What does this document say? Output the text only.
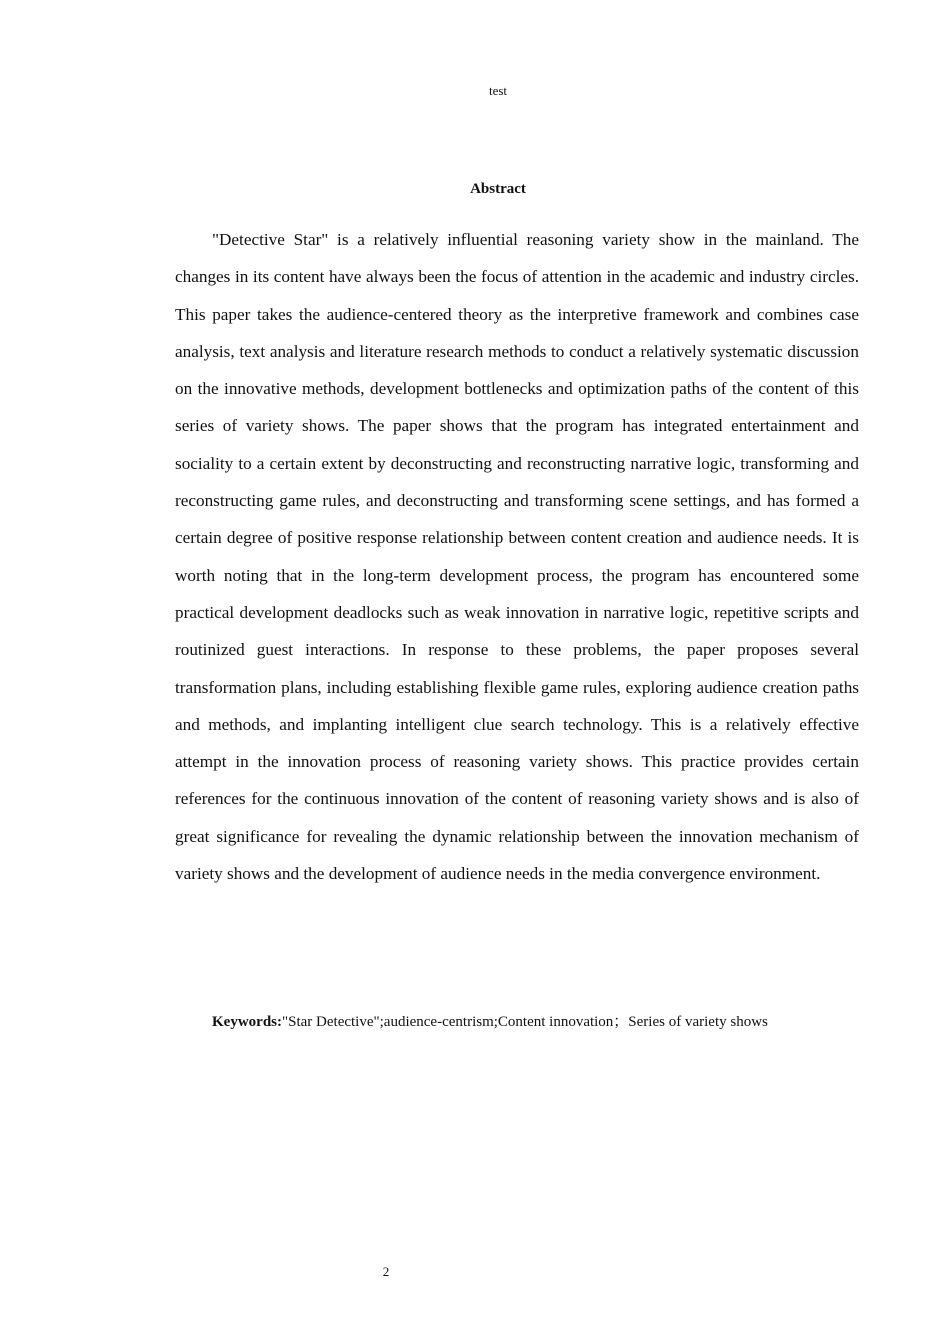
test
Abstract

"Detective Star" is a relatively influential reasoning variety show in the mainland. The changes in its content have always been the focus of attention in the academic and industry circles. This paper takes the audience-centered theory as the interpretive framework and combines case analysis, text analysis and literature research methods to conduct a relatively systematic discussion on the innovative methods, development bottlenecks and optimization paths of the content of this series of variety shows. The paper shows that the program has integrated entertainment and sociality to a certain extent by deconstructing and reconstructing narrative logic, transforming and reconstructing game rules, and deconstructing and transforming scene settings, and has formed a certain degree of positive response relationship between content creation and audience needs. It is worth noting that in the long-term development process, the program has encountered some practical development deadlocks such as weak innovation in narrative logic, repetitive scripts and routinized guest interactions. In response to these problems, the paper proposes several transformation plans, including establishing flexible game rules, exploring audience creation paths and methods, and implanting intelligent clue search technology. This is a relatively effective attempt in the innovation process of reasoning variety shows. This practice provides certain references for the continuous innovation of the content of reasoning variety shows and is also of great significance for revealing the dynamic relationship between the innovation mechanism of variety shows and the development of audience needs in the media convergence environment.

Keywords:"Star Detective";audience-centrism;Content innovation；Series of variety shows
2
